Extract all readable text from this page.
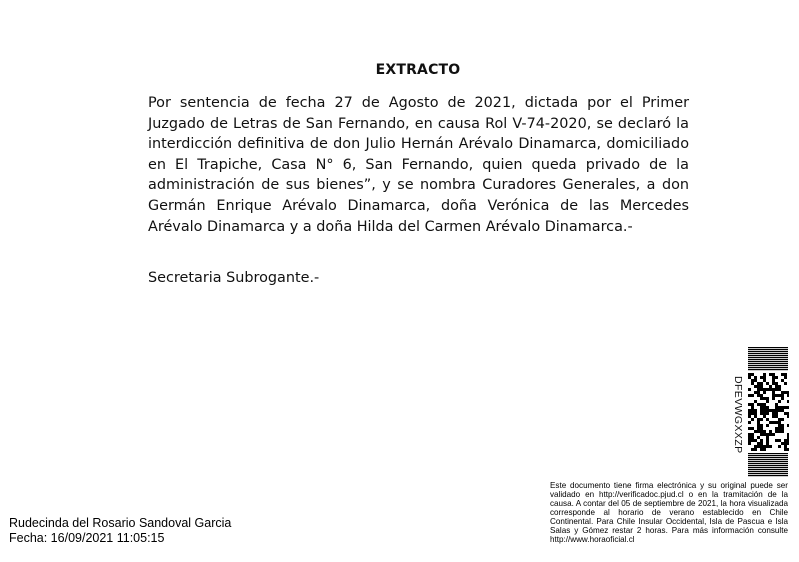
EXTRACTO
Por sentencia de fecha 27 de Agosto de 2021, dictada por el Primer Juzgado de Letras de San Fernando, en causa Rol V-74-2020, se declaró la interdicción definitiva de don Julio Hernán Arévalo Dinamarca, domiciliado en El Trapiche, Casa N° 6, San Fernando, quien queda privado de la administración de sus bienes”, y se nombra Curadores Generales, a don Germán Enrique Arévalo Dinamarca, doña Verónica de las Mercedes Arévalo Dinamarca y a doña Hilda del Carmen Arévalo Dinamarca.-
Secretaria Subrogante.-
DFEVWGXXZP
Este documento tiene firma electrónica y su original puede ser validado en http://verificadoc.pjud.cl o en la tramitación de la causa. A contar del 05 de septiembre de 2021, la hora visualizada corresponde al horario de verano establecido en Chile Continental. Para Chile Insular Occidental, Isla de Pascua e Isla Salas y Gómez restar 2 horas. Para más información consulte http://www.horaoficial.cl
Rudecinda del Rosario Sandoval Garcia
Fecha: 16/09/2021 11:05:15
